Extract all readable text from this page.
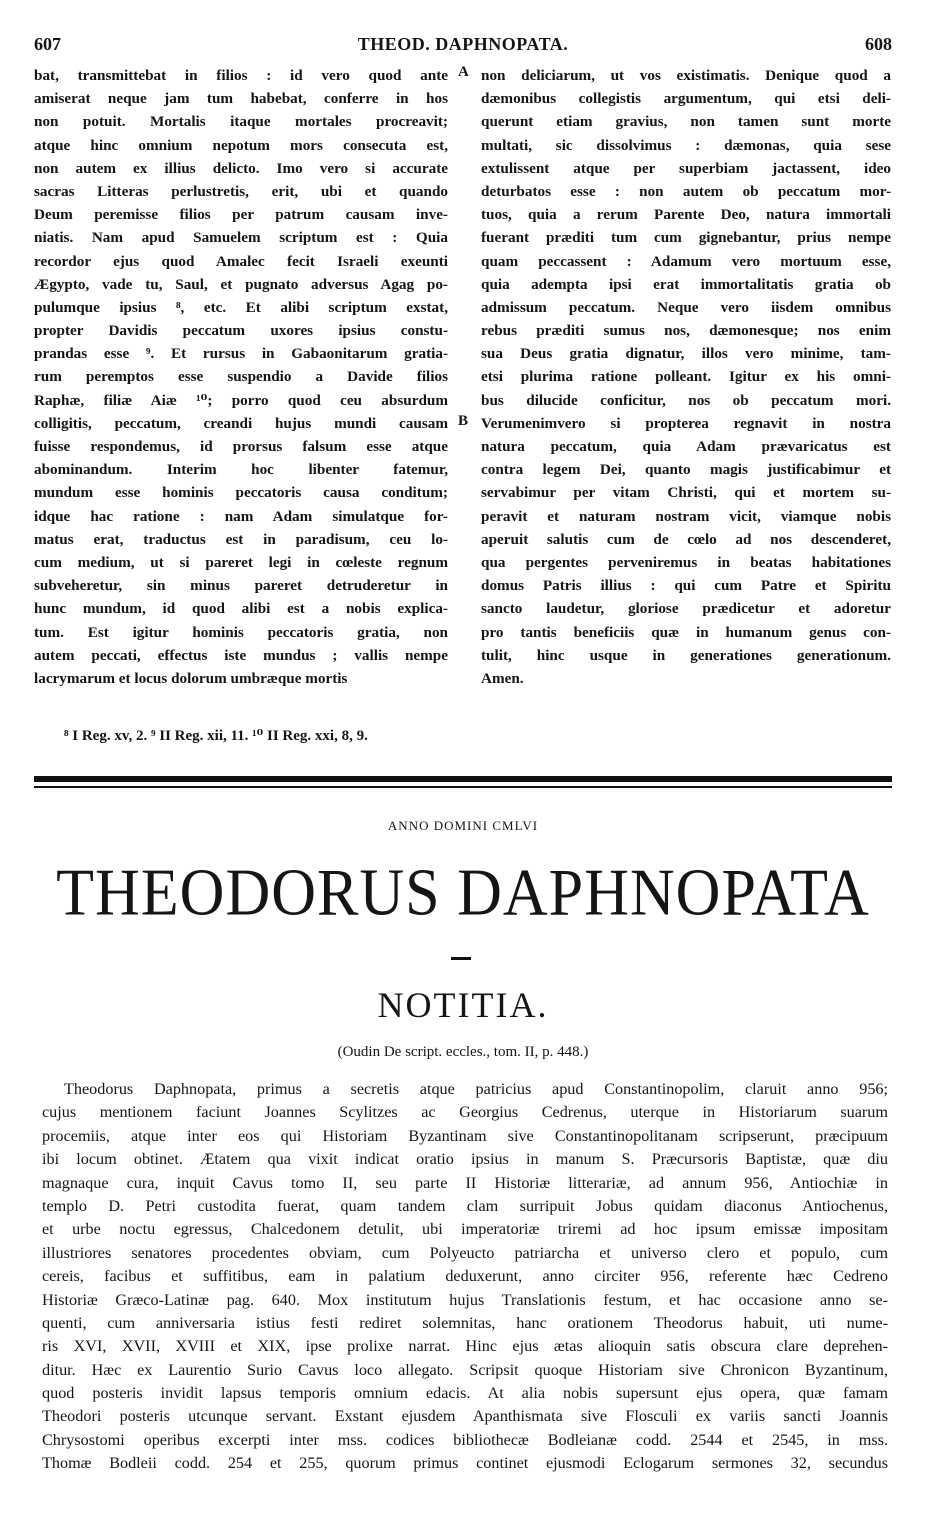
607	THEOD. DAPHNOPATA.	608
bat, transmittebat in filios : id vero quod ante
amiserat neque jam tum habebat, conferre in hos
non potuit. Mortalis itaque mortales procreavit;
atque hinc omnium nepotum mors consecuta est,
non autem ex illius delicto. Imo vero si accurate
sacras Litteras perlustretis, erit, ubi et quando
Deum peremisse filios per patrum causam inve-
niatis. Nam apud Samuelem scriptum est : Quia
recordor ejus quod Amalec fecit Israeli exeunti
Ægypto, vade tu, Saul, et pugnato adversus Agag po-
pulumque ipsius ⁸, etc. Et alibi scriptum exstat,
propter Davidis peccatum uxores ipsius constu-
prandas esse ⁹. Et rursus in Gabaonitarum gratia-
rum peremptos esse suspendio a Davide filios
Raphæ, filiæ Aiæ ¹⁰; porro quod ceu absurdum
colligitis, peccatum, creandi hujus mundi causam
fuisse respondemus, id prorsus falsum esse atque
abominandum. Interim hoc libenter fatemur,
mundum esse hominis peccatoris causa conditum;
idque hac ratione : nam Adam simulatque for-
matus erat, traductus est in paradisum, ceu lo-
cum medium, ut si pareret legi in cœleste regnum
subveheretur, sin minus pareret detruderetur in
hunc mundum, id quod alibi est a nobis explica-
tum. Est igitur hominis peccatoris gratia, non
autem peccati, effectus iste mundus ; vallis nempe
lacrymarum et locus dolorum umbræque mortis
non deliciarum, ut vos existimatis. Denique quod a
dæmonibus collegistis argumentum, qui etsi deli-
querunt etiam gravius, non tamen sunt morte
multati, sic dissolvimus : dæmonas, quia sese
extulissent atque per superbiam jactassent, ideo
deturbatos esse : non autem ob peccatum mor-
tuos, quia a rerum Parente Deo, natura immortali
fuerant præditi tum cum gignebantur, prius nempe
quam peccassent : Adamum vero mortuum esse,
quia adempta ipsi erat immortalitatis gratia ob
admissum peccatum. Neque vero iisdem omnibus
rebus præditi sumus nos, dæmonesque; nos enim
sua Deus gratia dignatur, illos vero minime, tam-
etsi plurima ratione polleant. Igitur ex his omni-
bus dilucide conficitur, nos ob peccatum mori.
Verumenimvero si propterea regnavit in nostra
natura peccatum, quia Adam prævaricatus est
contra legem Dei, quanto magis justificabimur et
servabimur per vitam Christi, qui et mortem su-
peravit et naturam nostram vicit, viamque nobis
aperuit salutis cum de cœlo ad nos descenderet,
qua pergentes perveniremus in beatas habitationes
domus Patris illius : qui cum Patre et Spiritu
sancto laudetur, gloriose prædicetur et adoretur
pro tantis beneficiis quæ in humanum genus con-
tulit, hinc usque in generationes generationum.
Amen.
A
B
⁸ I Reg. xv, 2. ⁹ II Reg. xii, 11. ¹⁰ II Reg. xxi, 8, 9.
ANNO DOMINI CMLVI
THEODORUS DAPHNOPATA
NOTITIA.
(Oudin De script. eccles., tom. II, p. 448.)
Theodorus Daphnopata, primus a secretis atque patricius apud Constantinopolim, claruit anno 956;
cujus mentionem faciunt Joannes Scylitzes ac Georgius Cedrenus, uterque in Historiarum suarum
procemiis, atque inter eos qui Historiam Byzantinam sive Constantinopolitanam scripserunt, præcipuum
ibi locum obtinet. Ætatem qua vixit indicat oratio ipsius in manum S. Præcursoris Baptistæ, quæ diu
magnaque cura, inquit Cavus tomo II, seu parte II Historiæ litterariæ, ad annum 956, Antiochiæ in
templo D. Petri custodita fuerat, quam tandem clam surripuit Jobus quidam diaconus Antiochenus,
et urbe noctu egressus, Chalcedonem detulit, ubi imperatoriæ triremi ad hoc ipsum emissæ impositam
illustriores senatores procedentes obviam, cum Polyeucto patriarcha et universo clero et populo, cum
cereis, facibus et suffitibus, eam in palatium deduxerunt, anno circiter 956, referente hæc Cedreno
Historiæ Græco-Latinæ pag. 640. Mox institutum hujus Translationis festum, et hac occasione anno se-
quenti, cum anniversaria istius festi rediret solemnitas, hanc orationem Theodorus habuit, uti nume-
ris XVI, XVII, XVIII et XIX, ipse prolixe narrat. Hinc ejus ætas alioquin satis obscura clare deprehen-
ditur. Hæc ex Laurentio Surio Cavus loco allegato. Scripsit quoque Historiam sive Chronicon Byzantinum,
quod posteris invidit lapsus temporis omnium edacis. At alia nobis supersunt ejus opera, quæ famam
Theodori posteris utcunque servant. Exstant ejusdem Apanthismata sive Flosculi ex variis sancti Joannis
Chrysostomi operibus excerpti inter mss. codices bibliothecæ Bodleianæ codd. 2544 et 2545, in mss.
Thomæ Bodleii codd. 254 et 255, quorum primus continet ejusmodi Eclogarum sermones 32, secundus
